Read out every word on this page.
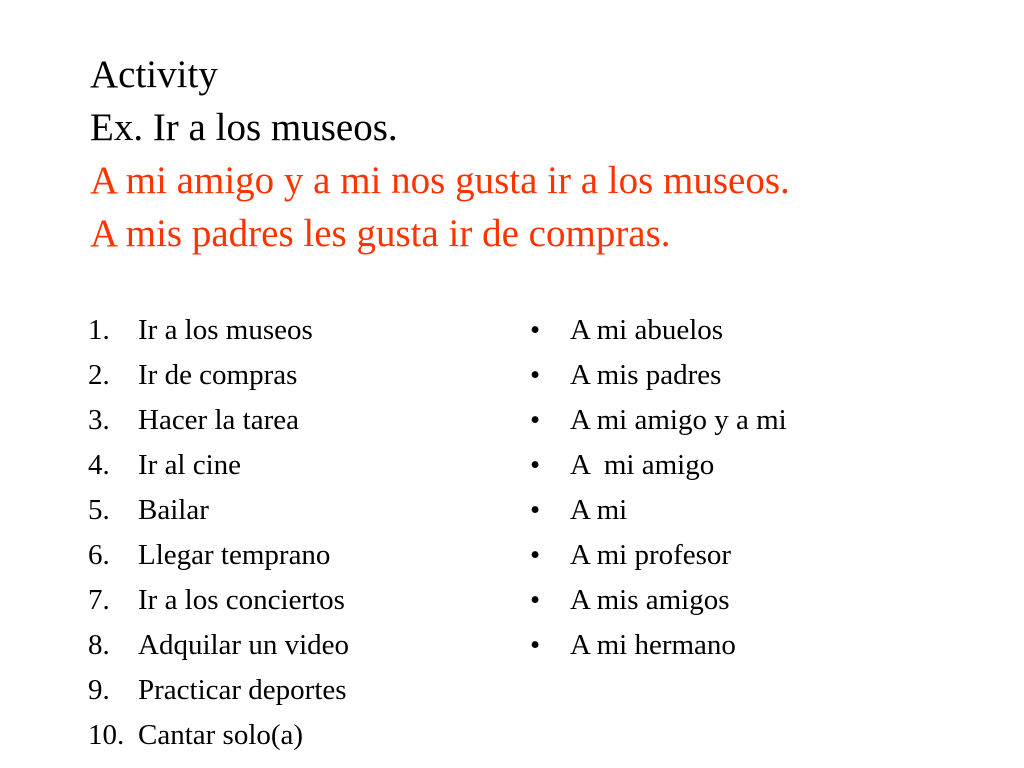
Activity
Ex. Ir a los museos.
A mi amigo y a mi nos gusta ir a los museos.
A mis padres les gusta ir de compras.
1. Ir a los museos
2. Ir de compras
3. Hacer la tarea
4. Ir al cine
5. Bailar
6. Llegar temprano
7. Ir a los conciertos
8. Adquilar un video
9. Practicar deportes
10. Cantar solo(a)
• A mi abuelos
• A mis padres
• A mi amigo y a mi
• A  mi amigo
• A mi
• A mi profesor
• A mis amigos
• A mi hermano
